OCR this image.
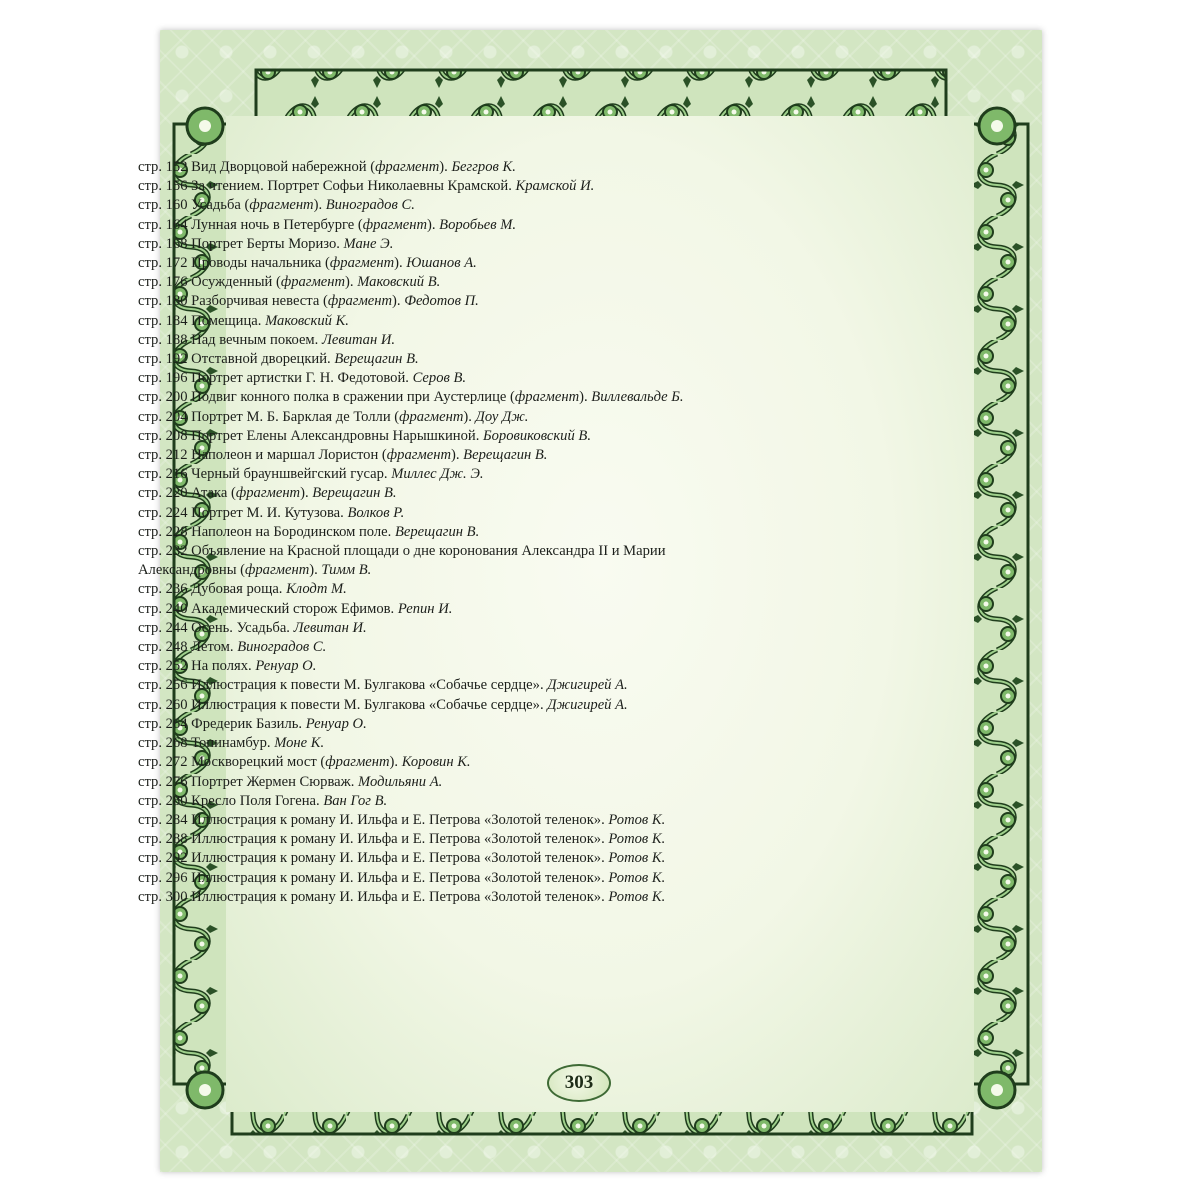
303
стр. 152 Вид Дворцовой набережной (фрагмент). Беггров К.
стр. 156 За чтением. Портрет Софьи Николаевны Крамской. Крамской И.
стр. 160 Усадьба (фрагмент). Виноградов С.
стр. 164 Лунная ночь в Петербурге (фрагмент). Воробьев М.
стр. 168 Портрет Берты Моризо. Мане Э.
стр. 172 Проводы начальника (фрагмент). Юшанов А.
стр. 176 Осужденный (фрагмент). Маковский В.
стр. 180 Разборчивая невеста (фрагмент). Федотов П.
стр. 184 Помещица. Маковский К.
стр. 188 Над вечным покоем. Левитан И.
стр. 192 Отставной дворецкий. Верещагин В.
стр. 196 Портрет артистки Г. Н. Федотовой. Серов В.
стр. 200 Подвиг конного полка в сражении при Аустерлице (фрагмент). Виллевальде Б.
стр. 204 Портрет М. Б. Барклая де Толли (фрагмент). Доу Дж.
стр. 208 Портрет Елены Александровны Нарышкиной. Боровиковский В.
стр. 212 Наполеон и маршал Лористон (фрагмент). Верещагин В.
стр. 216 Черный брауншвейгский гусар. Миллес Дж. Э.
стр. 220 Атака (фрагмент). Верещагин В.
стр. 224 Портрет М. И. Кутузова. Волков Р.
стр. 228 Наполеон на Бородинском поле. Верещагин В.
стр. 232 Объявление на Красной площади о дне коронования Александра II и Марии Александровны (фрагмент). Тимм В.
стр. 236 Дубовая роща. Клодт М.
стр. 240 Академический сторож Ефимов. Репин И.
стр. 244 Осень. Усадьба. Левитан И.
стр. 248 Летом. Виноградов С.
стр. 252 На полях. Ренуар О.
стр. 256 Иллюстрация к повести М. Булгакова «Собачье сердце». Джигирей А.
стр. 260 Иллюстрация к повести М. Булгакова «Собачье сердце». Джигирей А.
стр. 264 Фредерик Базиль. Ренуар О.
стр. 268 Топинамбур. Моне К.
стр. 272 Москворецкий мост (фрагмент). Коровин К.
стр. 276 Портрет Жермен Сюрваж. Модильяни А.
стр. 280 Кресло Поля Гогена. Ван Гог В.
стр. 284 Иллюстрация к роману И. Ильфа и Е. Петрова «Золотой теленок». Ротов К.
стр. 288 Иллюстрация к роману И. Ильфа и Е. Петрова «Золотой теленок». Ротов К.
стр. 292 Иллюстрация к роману И. Ильфа и Е. Петрова «Золотой теленок». Ротов К.
стр. 296 Иллюстрация к роману И. Ильфа и Е. Петрова «Золотой теленок». Ротов К.
стр. 300 Иллюстрация к роману И. Ильфа и Е. Петрова «Золотой теленок». Ротов К.
